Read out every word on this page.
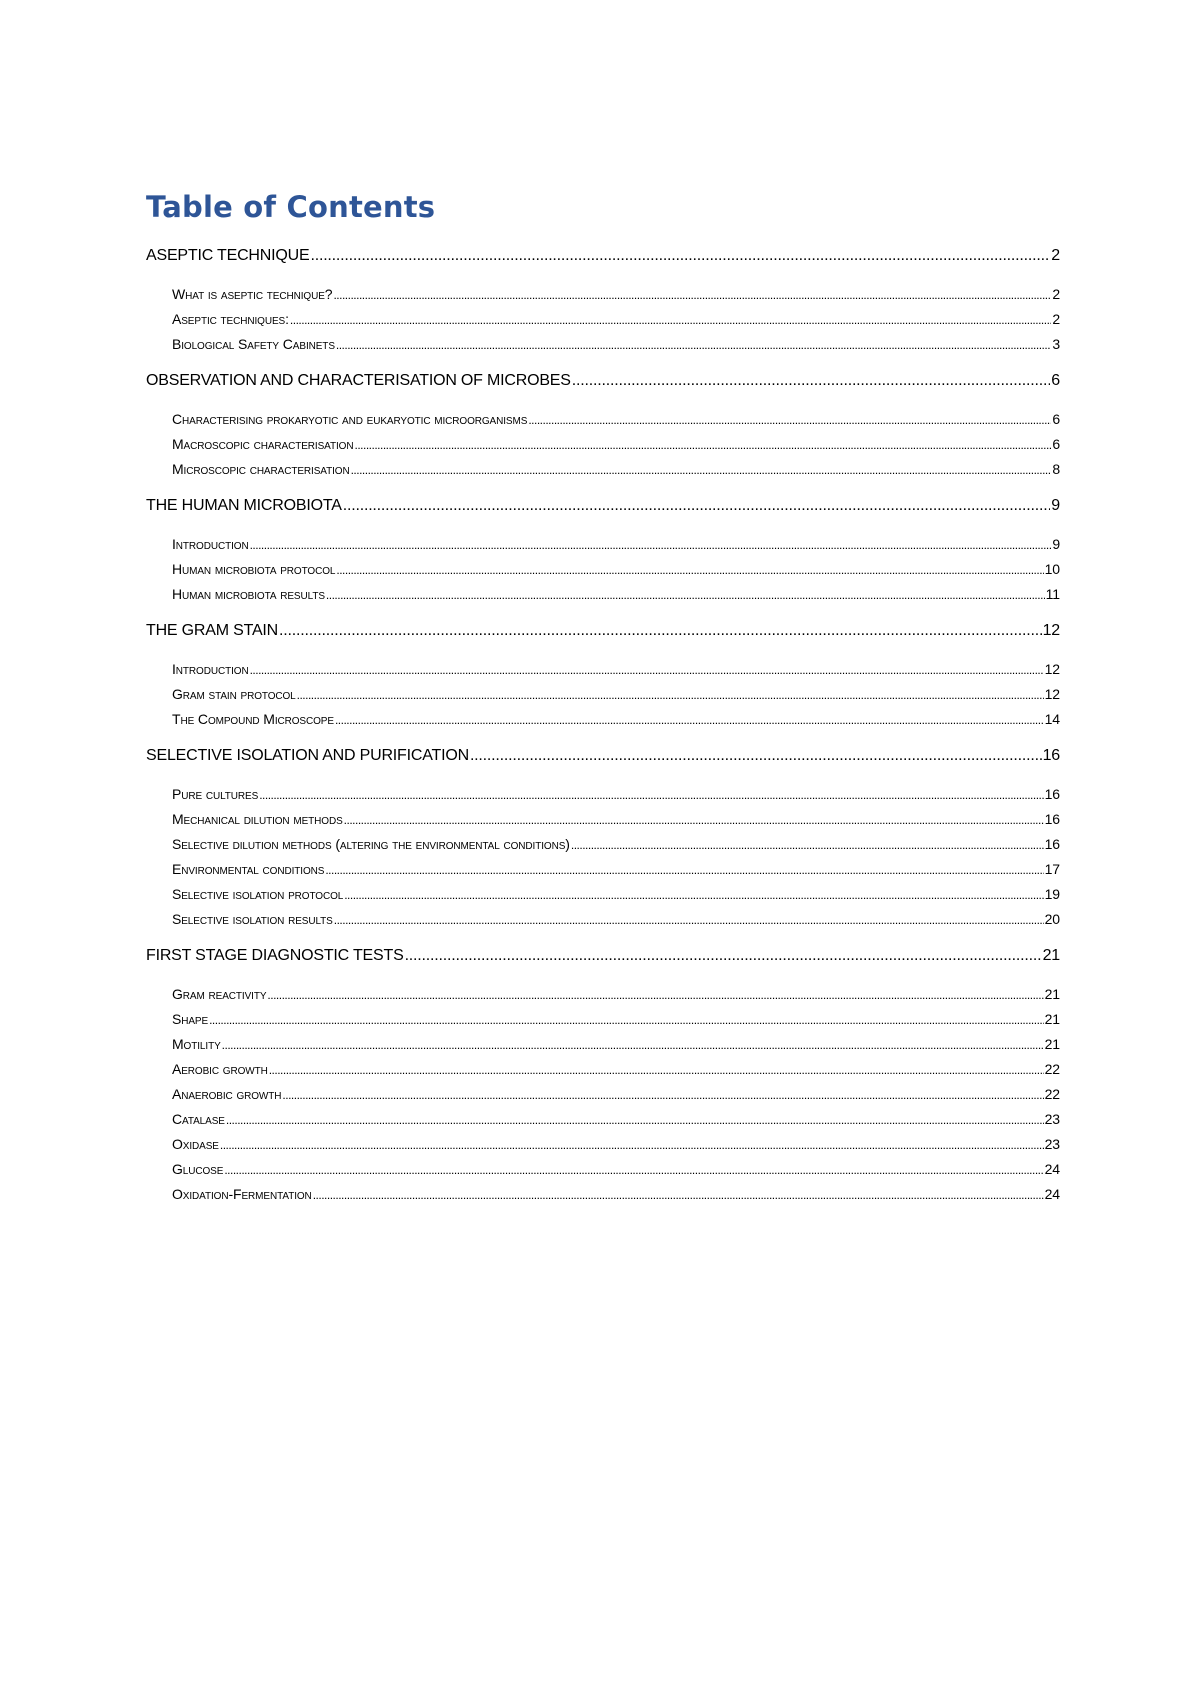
Table of Contents
ASEPTIC TECHNIQUE .....	2
What is aseptic technique? .....	2
Aseptic techniques: .....	2
Biological Safety Cabinets .....	3
OBSERVATION AND CHARACTERISATION OF MICROBES .....	6
Characterising prokaryotic and eukaryotic microorganisms .....	6
Macroscopic characterisation .....	6
Microscopic characterisation .....	8
THE HUMAN MICROBIOTA .....	9
Introduction .....	9
Human microbiota protocol .....	10
Human microbiota results .....	11
THE GRAM STAIN .....	12
Introduction .....	12
Gram stain protocol .....	12
The Compound Microscope .....	14
SELECTIVE ISOLATION AND PURIFICATION .....	16
Pure cultures .....	16
Mechanical dilution methods .....	16
Selective dilution methods (altering the environmental conditions) .....	16
Environmental conditions .....	17
Selective isolation protocol .....	19
Selective isolation results .....	20
FIRST STAGE DIAGNOSTIC TESTS .....	21
Gram reactivity .....	21
Shape .....	21
Motility .....	21
Aerobic growth .....	22
Anaerobic growth .....	22
Catalase .....	23
Oxidase .....	23
Glucose .....	24
Oxidation-Fermentation .....	24
